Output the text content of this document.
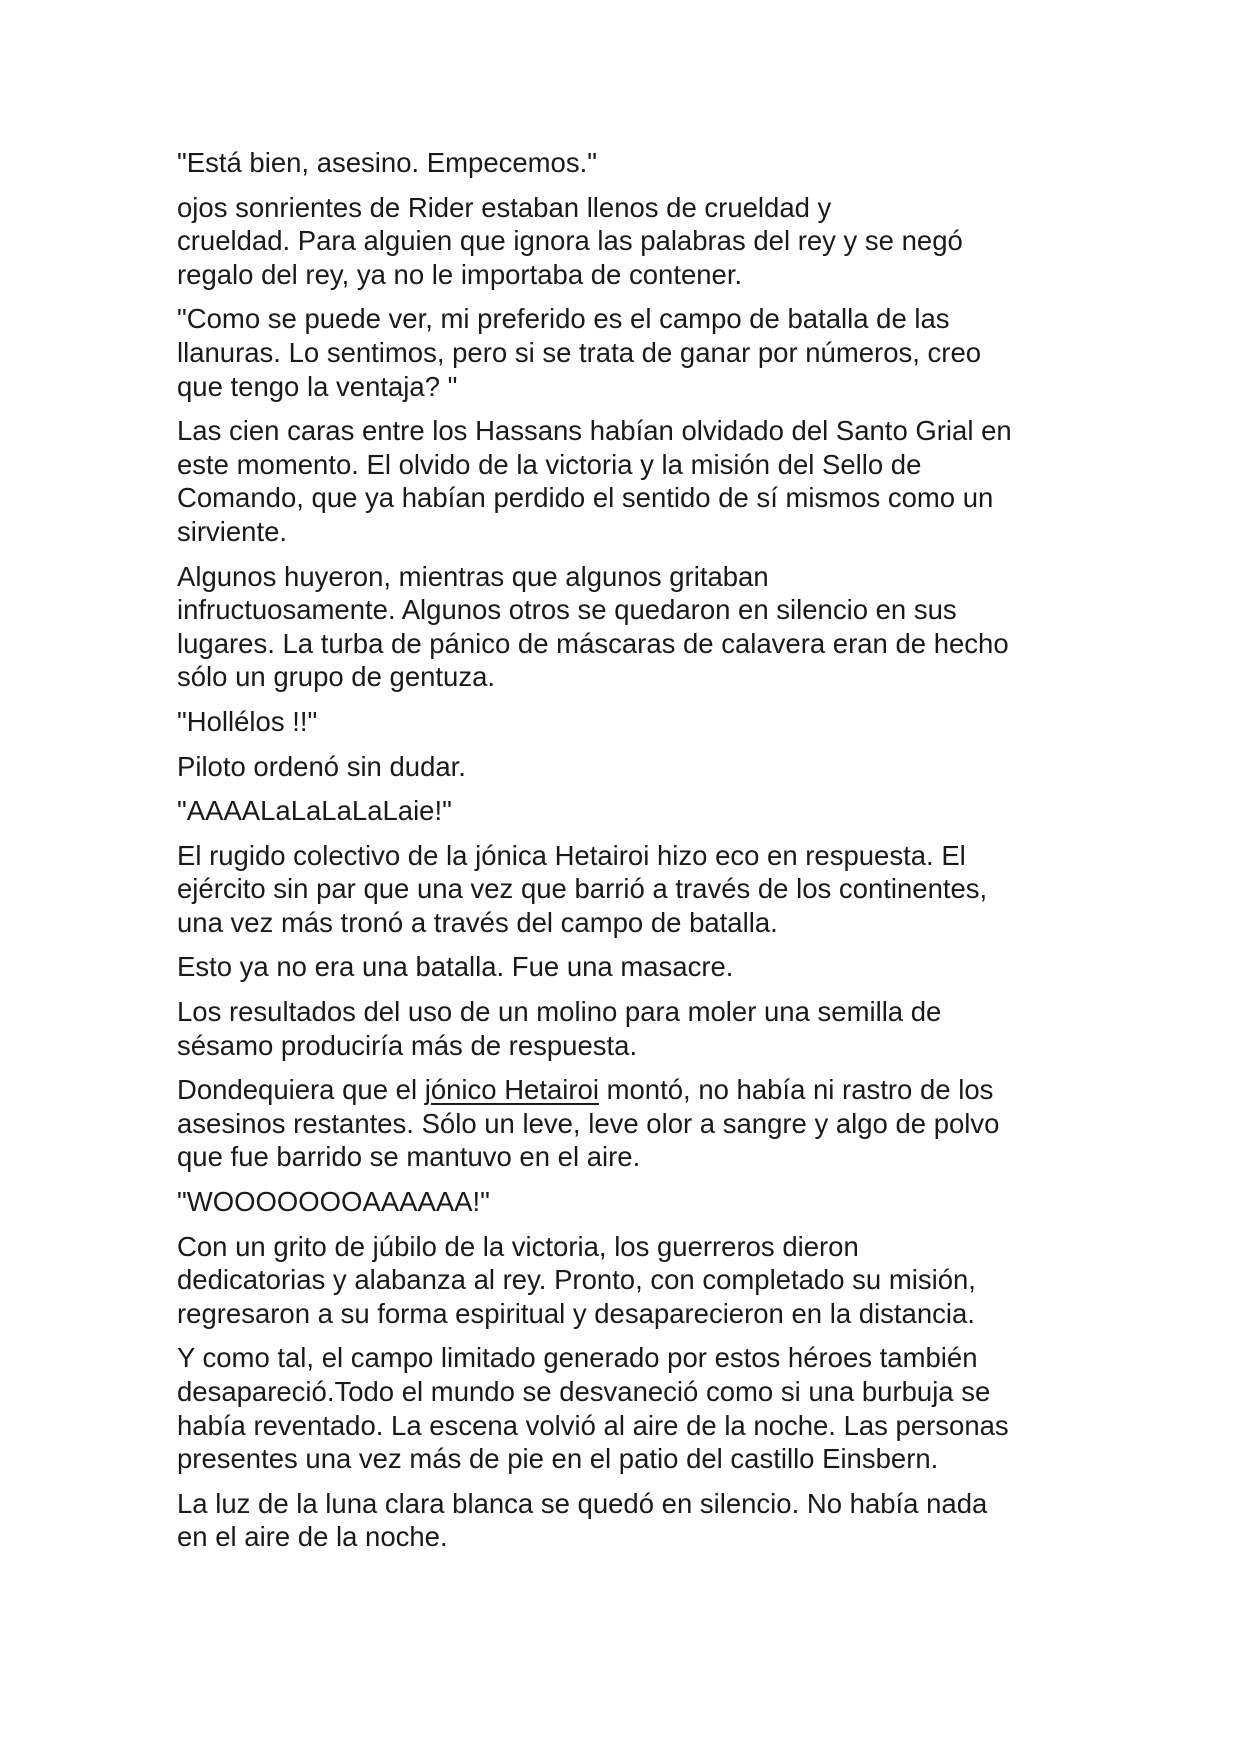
"Está bien, asesino. Empecemos."

ojos sonrientes de Rider estaban llenos de crueldad y
crueldad. Para alguien que ignora las palabras del rey y se negó
regalo del rey, ya no le importaba de contener.

"Como se puede ver, mi preferido es el campo de batalla de las
llanuras. Lo sentimos, pero si se trata de ganar por números, creo
que tengo la ventaja? "

Las cien caras entre los Hassans habían olvidado del Santo Grial en
este momento. El olvido de la victoria y la misión del Sello de
Comando, que ya habían perdido el sentido de sí mismos como un
sirviente.

Algunos huyeron, mientras que algunos gritaban
infructuosamente. Algunos otros se quedaron en silencio en sus
lugares. La turba de pánico de máscaras de calavera eran de hecho
sólo un grupo de gentuza.

"Hollélos !!"

Piloto ordenó sin dudar.

"AAAALaLaLaLaLaie!"

El rugido colectivo de la jónica Hetairoi hizo eco en respuesta. El
ejército sin par que una vez que barrió a través de los continentes,
una vez más tronó a través del campo de batalla.

Esto ya no era una batalla. Fue una masacre.

Los resultados del uso de un molino para moler una semilla de
sésamo produciría más de respuesta.

Dondequiera que el jónico Hetairoi montó, no había ni rastro de los
asesinos restantes. Sólo un leve, leve olor a sangre y algo de polvo
que fue barrido se mantuvo en el aire.

"WOOOOOOOAAAAAA!"

Con un grito de júbilo de la victoria, los guerreros dieron
dedicatorias y alabanza al rey. Pronto, con completado su misión,
regresaron a su forma espiritual y desaparecieron en la distancia.

Y como tal, el campo limitado generado por estos héroes también
desapareció.Todo el mundo se desvaneció como si una burbuja se
había reventado. La escena volvió al aire de la noche. Las personas
presentes una vez más de pie en el patio del castillo Einsbern.

La luz de la luna clara blanca se quedó en silencio. No había nada
en el aire de la noche.
